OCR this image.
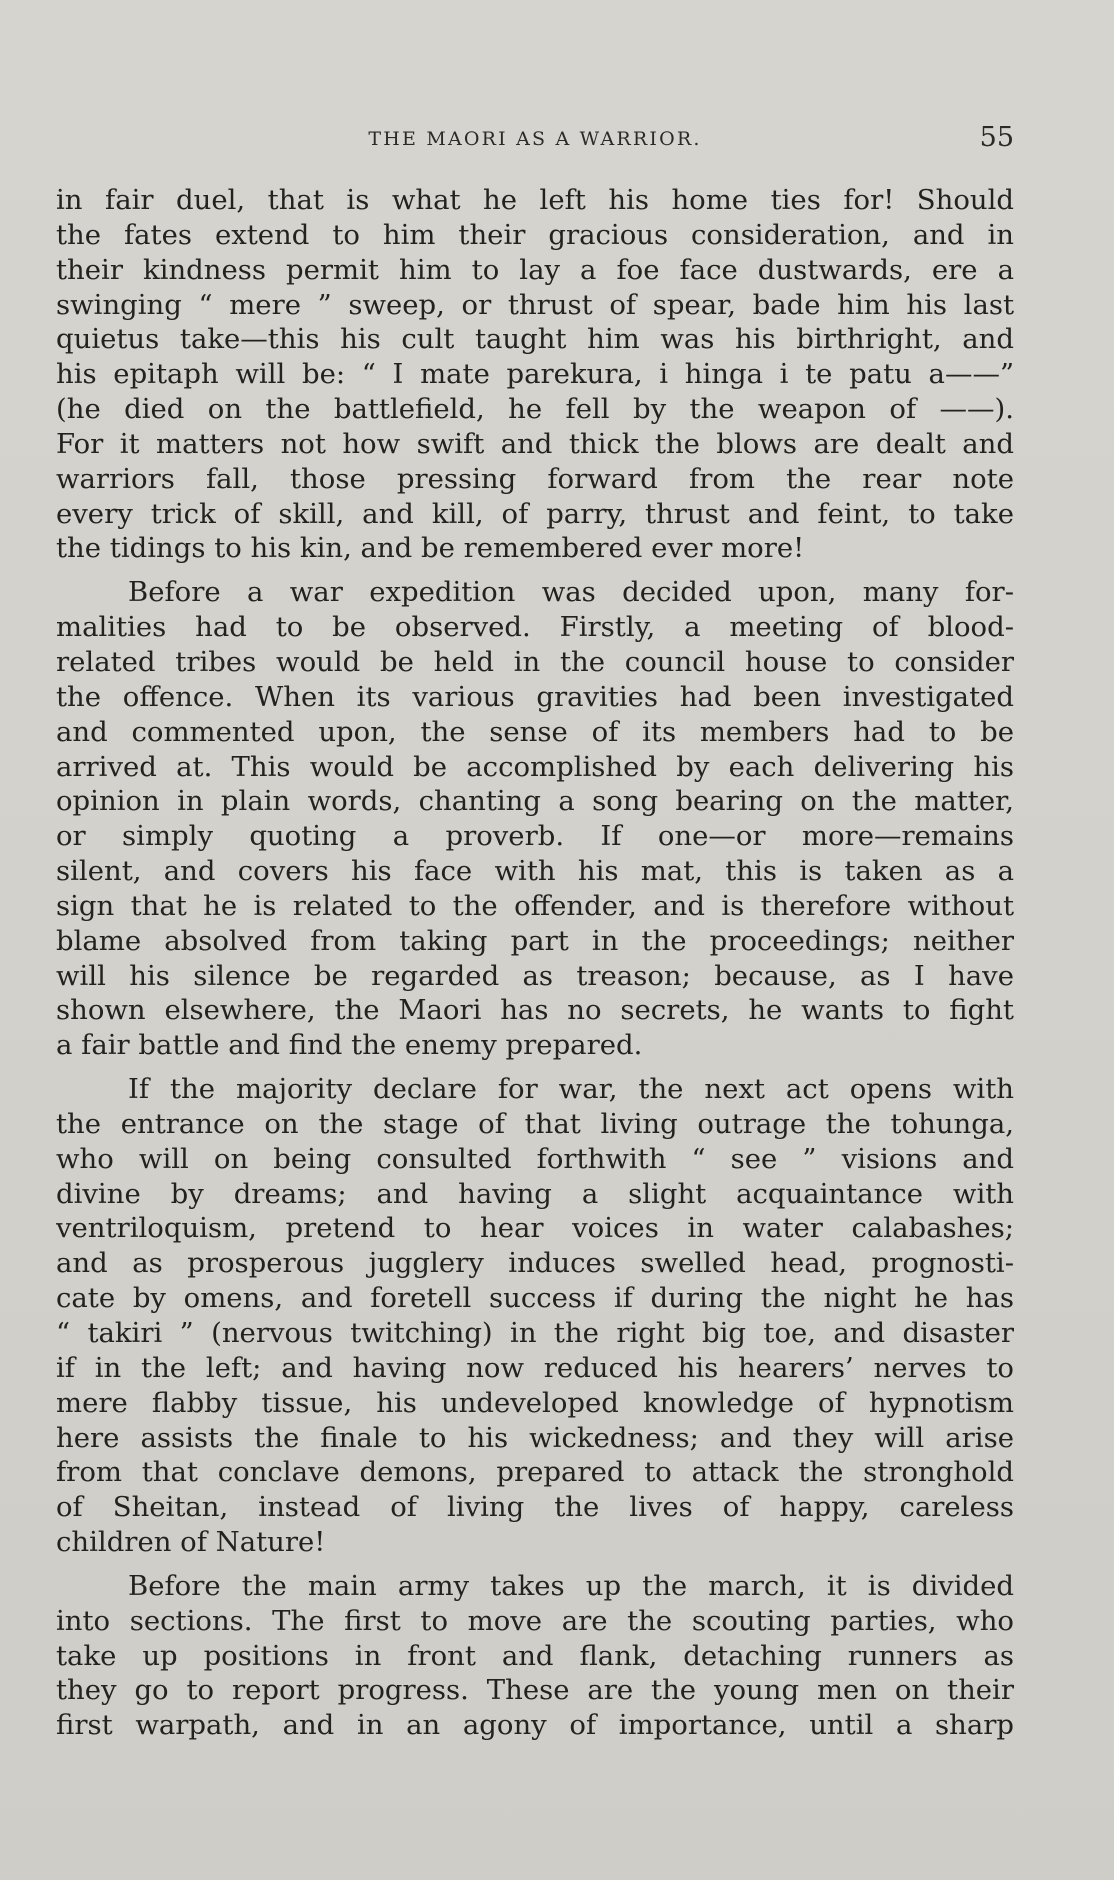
THE MAORI AS A WARRIOR.	55
in fair duel, that is what he left his home ties for! Should
the fates extend to him their gracious consideration, and in
their kindness permit him to lay a foe face dustwards, ere a
swinging “ mere ” sweep, or thrust of spear, bade him his last
quietus take—this his cult taught him was his birthright, and
his epitaph will be: “ I mate parekura, i hinga i te patu a——”
(he died on the battlefield, he fell by the weapon of ——).
For it matters not how swift and thick the blows are dealt and
warriors fall, those pressing forward from the rear note
every trick of skill, and kill, of parry, thrust and feint, to take
the tidings to his kin, and be remembered ever more!
Before a war expedition was decided upon, many for-
malities had to be observed. Firstly, a meeting of blood-
related tribes would be held in the council house to consider
the offence. When its various gravities had been investigated
and commented upon, the sense of its members had to be
arrived at. This would be accomplished by each delivering his
opinion in plain words, chanting a song bearing on the matter,
or simply quoting a proverb. If one—or more—remains
silent, and covers his face with his mat, this is taken as a
sign that he is related to the offender, and is therefore without
blame absolved from taking part in the proceedings; neither
will his silence be regarded as treason; because, as I have
shown elsewhere, the Maori has no secrets, he wants to fight
a fair battle and find the enemy prepared.
If the majority declare for war, the next act opens with
the entrance on the stage of that living outrage the tohunga,
who will on being consulted forthwith “ see ” visions and
divine by dreams; and having a slight acquaintance with
ventriloquism, pretend to hear voices in water calabashes;
and as prosperous jugglery induces swelled head, prognosti-
cate by omens, and foretell success if during the night he has
“ takiri ” (nervous twitching) in the right big toe, and disaster
if in the left; and having now reduced his hearers’ nerves to
mere flabby tissue, his undeveloped knowledge of hypnotism
here assists the finale to his wickedness; and they will arise
from that conclave demons, prepared to attack the stronghold
of Sheitan, instead of living the lives of happy, careless
children of Nature!
Before the main army takes up the march, it is divided
into sections. The first to move are the scouting parties, who
take up positions in front and flank, detaching runners as
they go to report progress. These are the young men on their
first warpath, and in an agony of importance, until a sharp
